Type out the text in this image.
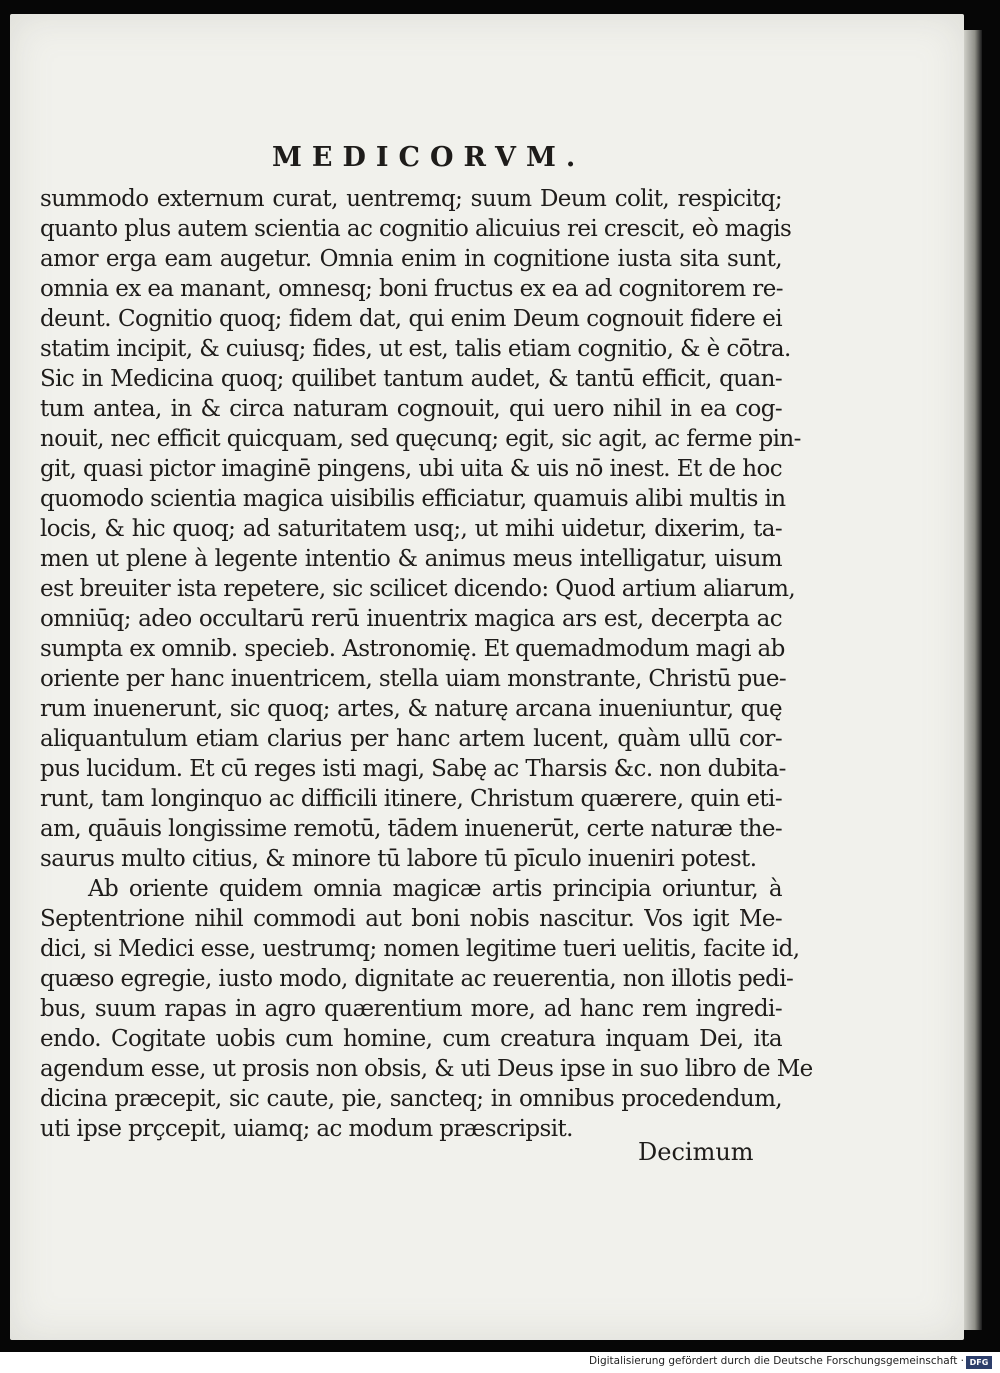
MEDICORVM.
summodo externum curat, uentremq; suum Deum colit, respicitq;
quanto plus autem scientia ac cognitio alicuius rei crescit, eò magis
amor erga eam augetur. Omnia enim in cognitione iusta sita sunt,
omnia ex ea manant, omnesq; boni fructus ex ea ad cognitorem re-
deunt. Cognitio quoq; fidem dat, qui enim Deum cognouit fidere ei
statim incipit, & cuiusq; fides, ut est, talis etiam cognitio, & è cōtra.
Sic in Medicina quoq; quilibet tantum audet, & tantū efficit, quan-
tum antea, in & circa naturam cognouit, qui uero nihil in ea cog-
nouit, nec efficit quicquam, sed quęcunq; egit, sic agit, ac ferme pin-
git, quasi pictor imaginē pingens, ubi uita & uis nō inest. Et de hoc
quomodo scientia magica uisibilis efficiatur, quamuis alibi multis in
locis, & hic quoq; ad saturitatem usq;, ut mihi uidetur, dixerim, ta-
men ut plene à legente intentio & animus meus intelligatur, uisum
est breuiter ista repetere, sic scilicet dicendo: Quod artium aliarum,
omniūq; adeo occultarū rerū inuentrix magica ars est, decerpta ac
sumpta ex omnib. specieb. Astronomię. Et quemadmodum magi ab
oriente per hanc inuentricem, stella uiam monstrante, Christū pue-
rum inuenerunt, sic quoq; artes, & naturę arcana inueniuntur, quę
aliquantulum etiam clarius per hanc artem lucent, quàm ullū cor-
pus lucidum. Et cū reges isti magi, Sabę ac Tharsis &c. non dubita-
runt, tam longinquo ac difficili itinere, Christum quærere, quin eti-
am, quāuis longissime remotū, tādem inuenerūt, certe naturæ the-
saurus multo citius, & minore tū labore tū pīculo inueniri potest.
Ab oriente quidem omnia magicæ artis principia oriuntur, à
Septentrione nihil commodi aut boni nobis nascitur. Vos igit Me-
dici, si Medici esse, uestrumq; nomen legitime tueri uelitis, facite id,
quæso egregie, iusto modo, dignitate ac reuerentia, non illotis pedi-
bus, suum rapas in agro quærentium more, ad hanc rem ingredi-
endo. Cogitate uobis cum homine, cum creatura inquam Dei, ita
agendum esse, ut prosis non obsis, & uti Deus ipse in suo libro de Me
dicina præcepit, sic caute, pie, sancteq; in omnibus procedendum,
uti ipse prçcepit, uiamq; ac modum præscripsit.
Decimum
Digitalisierung gefördert durch die Deutsche Forschungsgemeinschaft · DFG
